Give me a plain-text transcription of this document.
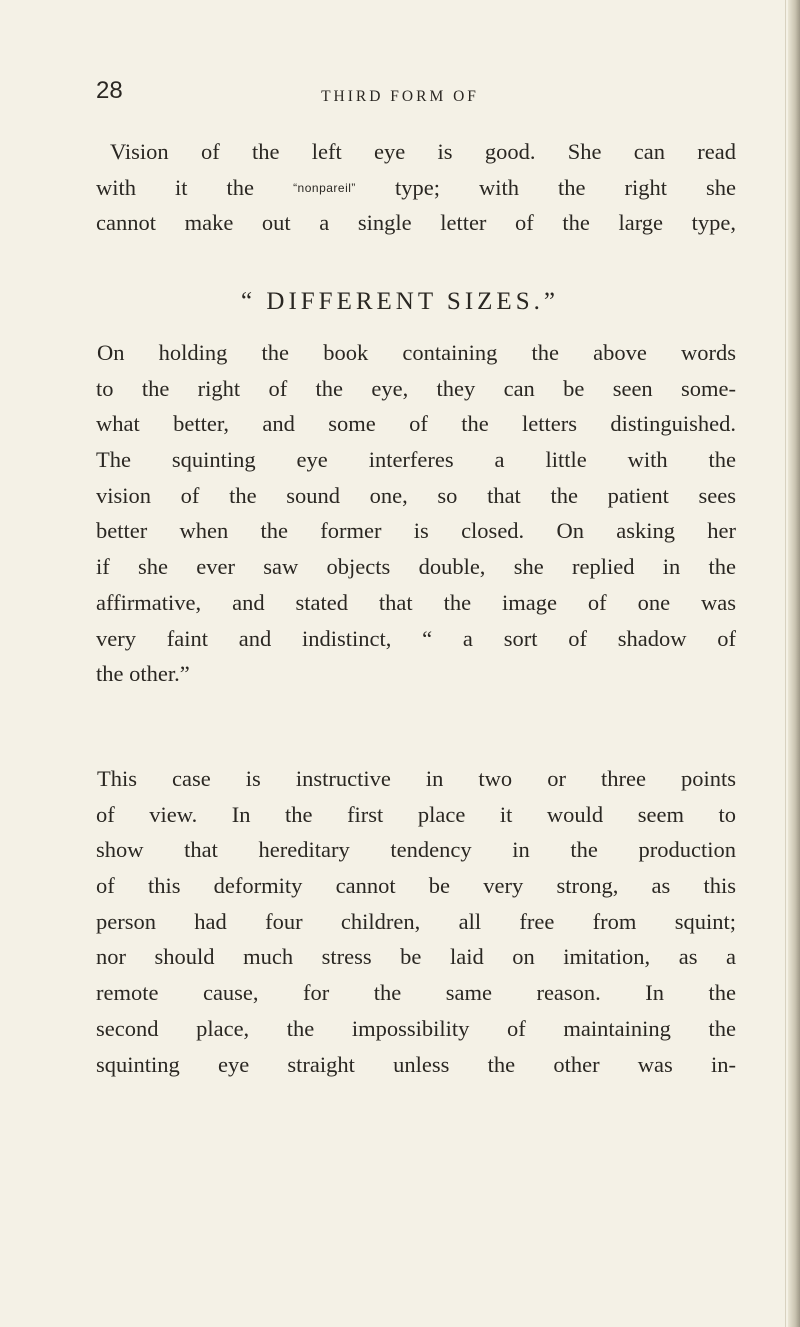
28	THIRD FORM OF
Vision of the left eye is good. She can read
with it the	“nonpareil” type; with the right she
cannot make out a single letter of the large type,
“ DIFFERENT SIZES.”
On holding the book containing the above words
to the right of the eye, they can be seen some-
what better, and some of the letters distinguished.
The squinting eye interferes a little with the
vision of the sound one, so that the patient sees
better when the former is closed. On asking her
if she ever saw objects double, she replied in the
affirmative, and stated that the image of one was
very faint and indistinct, “ a sort of shadow of
the other.”
This case is instructive in two or three points
of view. In the first place it would seem to
show that hereditary tendency in the production
of this deformity cannot be very strong, as this
person had four children, all free from squint;
nor should much stress be laid on imitation, as a
remote cause, for the same reason. In the
second place, the impossibility of maintaining the
squinting eye straight unless the other was in-
